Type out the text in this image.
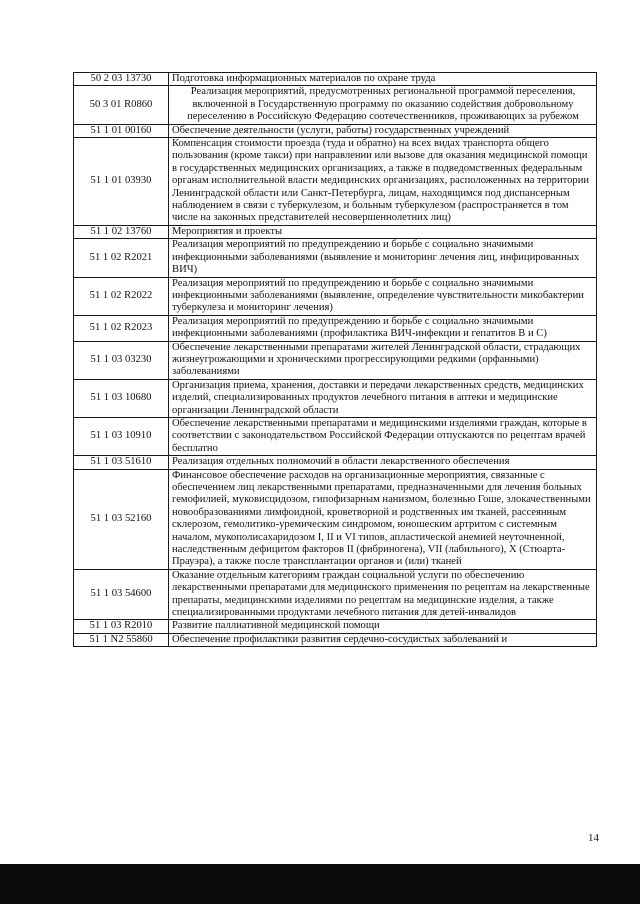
50 2 03 13730	Подготовка информационных материалов по охране труда
50 3 01 R0860	Реализация мероприятий, предусмотренных региональной программой переселения, включенной в Государственную программу по оказанию содействия добровольному переселению в Российскую Федерацию соотечественников, проживающих за рубежом
51 1 01 00160	Обеспечение деятельности (услуги, работы) государственных учреждений
51 1 01 03930	Компенсация стоимости проезда (туда и обратно) на всех видах транспорта общего пользования (кроме такси) при направлении или вызове для оказания медицинской помощи в государственных медицинских организациях, а также в подведомственных федеральным органам исполнительной власти медицинских организациях, расположенных на территории Ленинградской области или Санкт-Петербурга, лицам, находящимся под диспансерным наблюдением в связи с туберкулезом, и больным туберкулезом (распространяется в том числе на законных представителей несовершеннолетних лиц)
51 1 02 13760	Мероприятия и проекты
51 1 02 R2021	Реализация мероприятий по предупреждению и борьбе с социально значимыми инфекционными заболеваниями (выявление и мониторинг лечения лиц, инфицированных ВИЧ)
51 1 02 R2022	Реализация мероприятий по предупреждению и борьбе с социально значимыми инфекционными заболеваниями (выявление, определение чувствительности микобактерии туберкулеза и мониторинг лечения)
51 1 02 R2023	Реализация мероприятий по предупреждению и борьбе с социально значимыми инфекционными заболеваниями (профилактика ВИЧ-инфекции и гепатитов В и С)
51 1 03 03230	Обеспечение лекарственными препаратами жителей Ленинградской области, страдающих жизнеугрожающими и хроническими прогрессирующими редкими (орфанными) заболеваниями
51 1 03 10680	Организация приема, хранения, доставки и передачи лекарственных средств, медицинских изделий, специализированных продуктов лечебного питания в аптеки и медицинские организации Ленинградской области
51 1 03 10910	Обеспечение лекарственными препаратами и медицинскими изделиями граждан, которые в соответствии с законодательством Российской Федерации отпускаются по рецептам врачей бесплатно
51 1 03 51610	Реализация отдельных полномочий в области лекарственного обеспечения
51 1 03 52160	Финансовое обеспечение расходов на организационные мероприятия, связанные с обеспечением лиц лекарственными препаратами, предназначенными для лечения больных гемофилией, муковисцидозом, гипофизарным нанизмом, болезнью Гоше, злокачественными новообразованиями лимфоидной, кроветворной и родственных им тканей, рассеянным склерозом, гемолитико-уремическим синдромом, юношеским артритом с системным началом, мукополисахаридозом I, II и VI типов, апластической анемией неуточненной, наследственным дефицитом факторов II (фибриногена), VII (лабильного), X (Стюарта-Прауэра), а также после трансплантации органов и (или) тканей
51 1 03 54600	Оказание отдельным категориям граждан социальной услуги по обеспечению лекарственными препаратами для медицинского применения по рецептам на лекарственные препараты, медицинскими изделиями по рецептам на медицинские изделия, а также специализированными продуктами лечебного питания для детей-инвалидов
51 1 03 R2010	Развитие паллиативной медицинской помощи
51 1 N2 55860	Обеспечение профилактики развития сердечно-сосудистых заболеваний и
14
